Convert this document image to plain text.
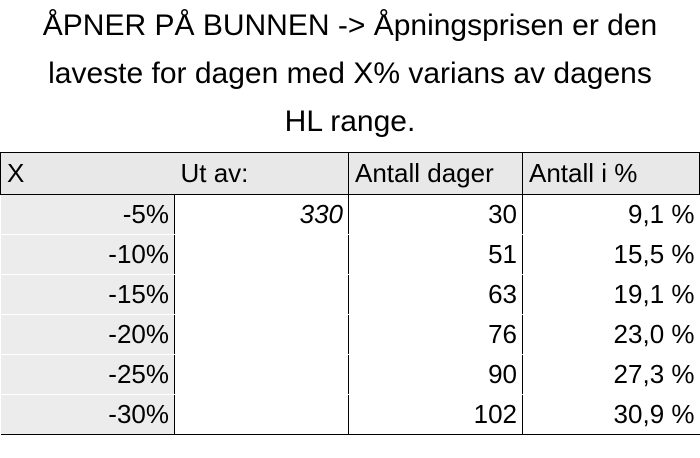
ÅPNER PÅ BUNNEN -> Åpningsprisen er den
laveste for dagen med X% varians av dagens
HL range.
X	Ut av:	Antall dager	Antall i %
-5%	330	30	9,1 %
-10%		51	15,5 %
-15%		63	19,1 %
-20%		76	23,0 %
-25%		90	27,3 %
-30%		102	30,9 %
